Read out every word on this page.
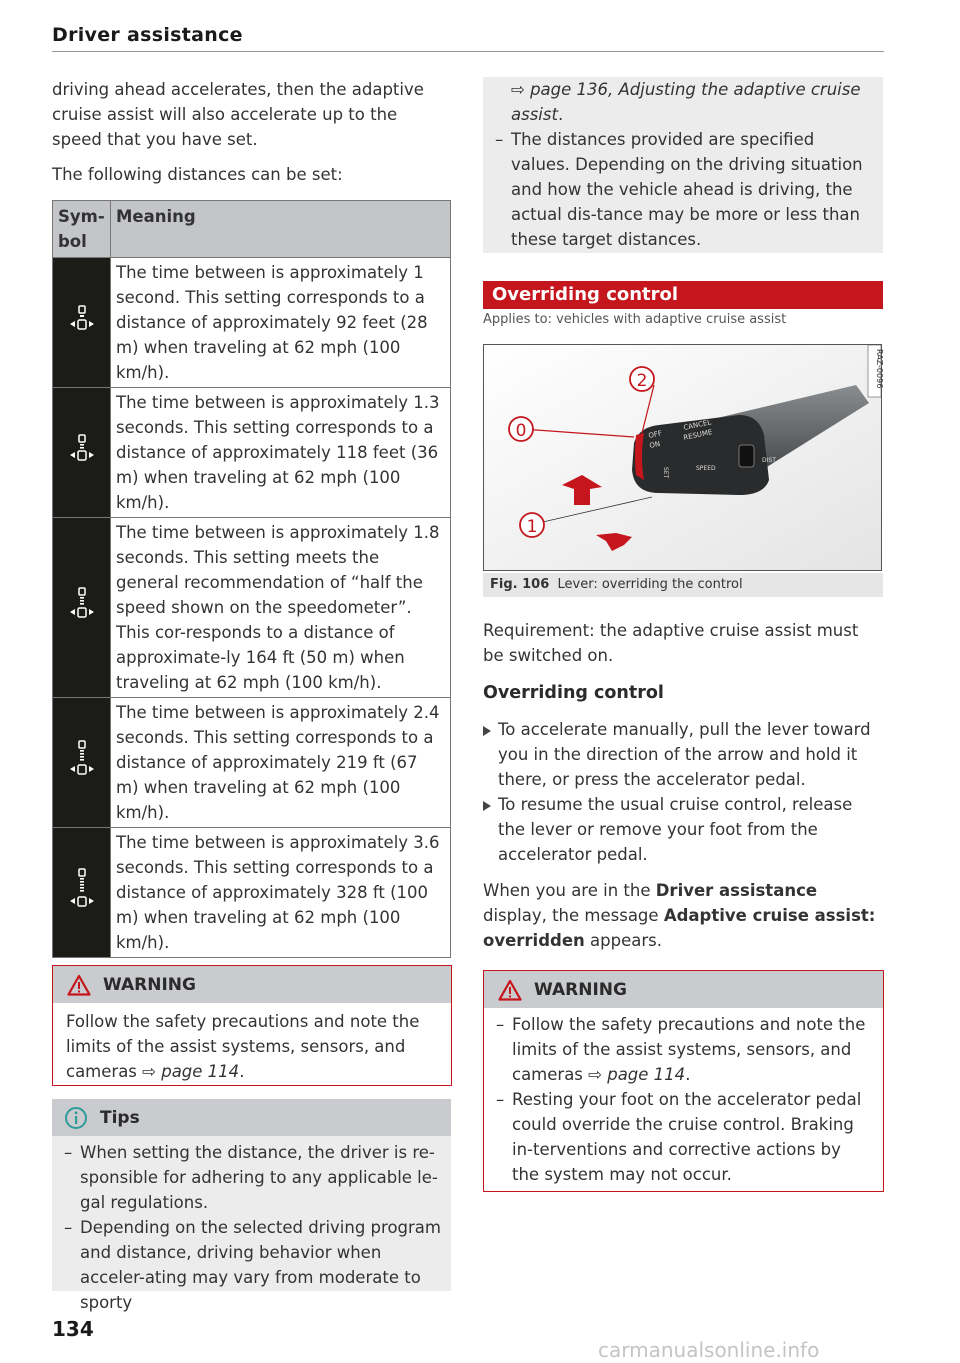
Driver assistance

driving ahead accelerates, then the adaptive cruise assist will also accelerate up to the speed that you have set.

The following distances can be set:

Sym-bol	Meaning
	The time between is approximately 1 second. This setting corresponds to a distance of approximately 92 feet (28 m) when traveling at 62 mph (100 km/h).
	The time between is approximately 1.3 seconds. This setting corresponds to a distance of approximately 118 feet (36 m) when traveling at 62 mph (100 km/h).
	The time between is approximately 1.8 seconds. This setting meets the general recommendation of “half the speed shown on the speedometer”. This cor-responds to a distance of approximate-ly 164 ft (50 m) when traveling at 62 mph (100 km/h).
	The time between is approximately 2.4 seconds. This setting corresponds to a distance of approximately 219 ft (67 m) when traveling at 62 mph (100 km/h).
	The time between is approximately 3.6 seconds. This setting corresponds to a distance of approximately 328 ft (100 m) when traveling at 62 mph (100 km/h).
WARNING

Follow the safety precautions and note the limits of the assist systems, sensors, and cameras ⇨ page 114.

Tips

– When setting the distance, the driver is re-sponsible for adhering to any applicable le-gal regulations.

– Depending on the selected driving program and distance, driving behavior when acceler-ating may vary from moderate to sporty

134

⇨ page 136, Adjusting the adaptive cruise assist.

– The distances provided are specified values. Depending on the driving situation and how the vehicle ahead is driving, the actual dis-tance may be more or less than these target distances.

Overriding control
Applies to: vehicles with adaptive cruise assist
OFF
ON
CANCEL
RESUME
SPEED
SET
DIST
2
0
1
RAZ-0096
Fig. 106 Lever: overriding the control

Requirement: the adaptive cruise assist must be switched on.

Overriding control

To accelerate manually, pull the lever toward you in the direction of the arrow and hold it there, or press the accelerator pedal.

To resume the usual cruise control, release the lever or remove your foot from the accelerator pedal.

When you are in the Driver assistance display, the message Adaptive cruise assist: overridden appears.

WARNING

– Follow the safety precautions and note the limits of the assist systems, sensors, and cameras ⇨ page 114.

– Resting your foot on the accelerator pedal could override the cruise control. Braking in-terventions and corrective actions by the system may not occur.

carmanualsonline.info
